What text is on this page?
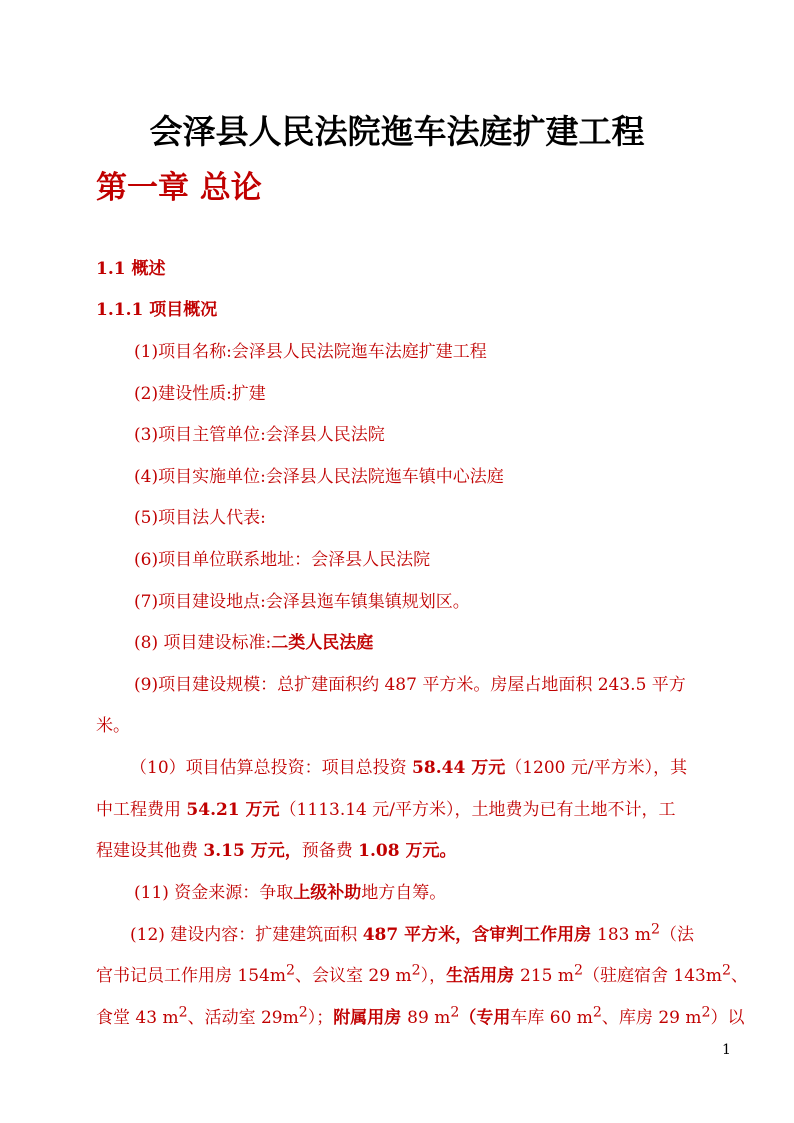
会泽县人民法院迤车法庭扩建工程
第一章 总论
1.1 概述
1.1.1 项目概况
(1)项目名称:会泽县人民法院迤车法庭扩建工程
(2)建设性质:扩建
(3)项目主管单位:会泽县人民法院
(4)项目实施单位:会泽县人民法院迤车镇中心法庭
(5)项目法人代表:
(6)项目单位联系地址：会泽县人民法院
(7)项目建设地点:会泽县迤车镇集镇规划区。
(8) 项目建设标准:二类人民法庭
(9)项目建设规模：总扩建面积约 487 平方米。房屋占地面积 243.5 平方
米。
（10）项目估算总投资：项目总投资 58.44 万元（1200 元/平方米），其
中工程费用 54.21 万元（1113.14 元/平方米），土地费为已有土地不计，工
程建设其他费 3.15 万元，预备费 1.08 万元。
(11) 资金来源：争取上级补助地方自筹。
(12) 建设内容：扩建建筑面积 487 平方米，含审判工作用房 183 $m^2$（法
官书记员工作用房 $154m^2$、会议室 29 $m^2$），生活用房 215 $m^2$（驻庭宿舍 $143m^2$、
食堂 43 $m^2$、活动室 $29m^2$）；附属用房 89 $m^2$（专用车库 60 $m^2$、库房 29 $m^2$）以
1
